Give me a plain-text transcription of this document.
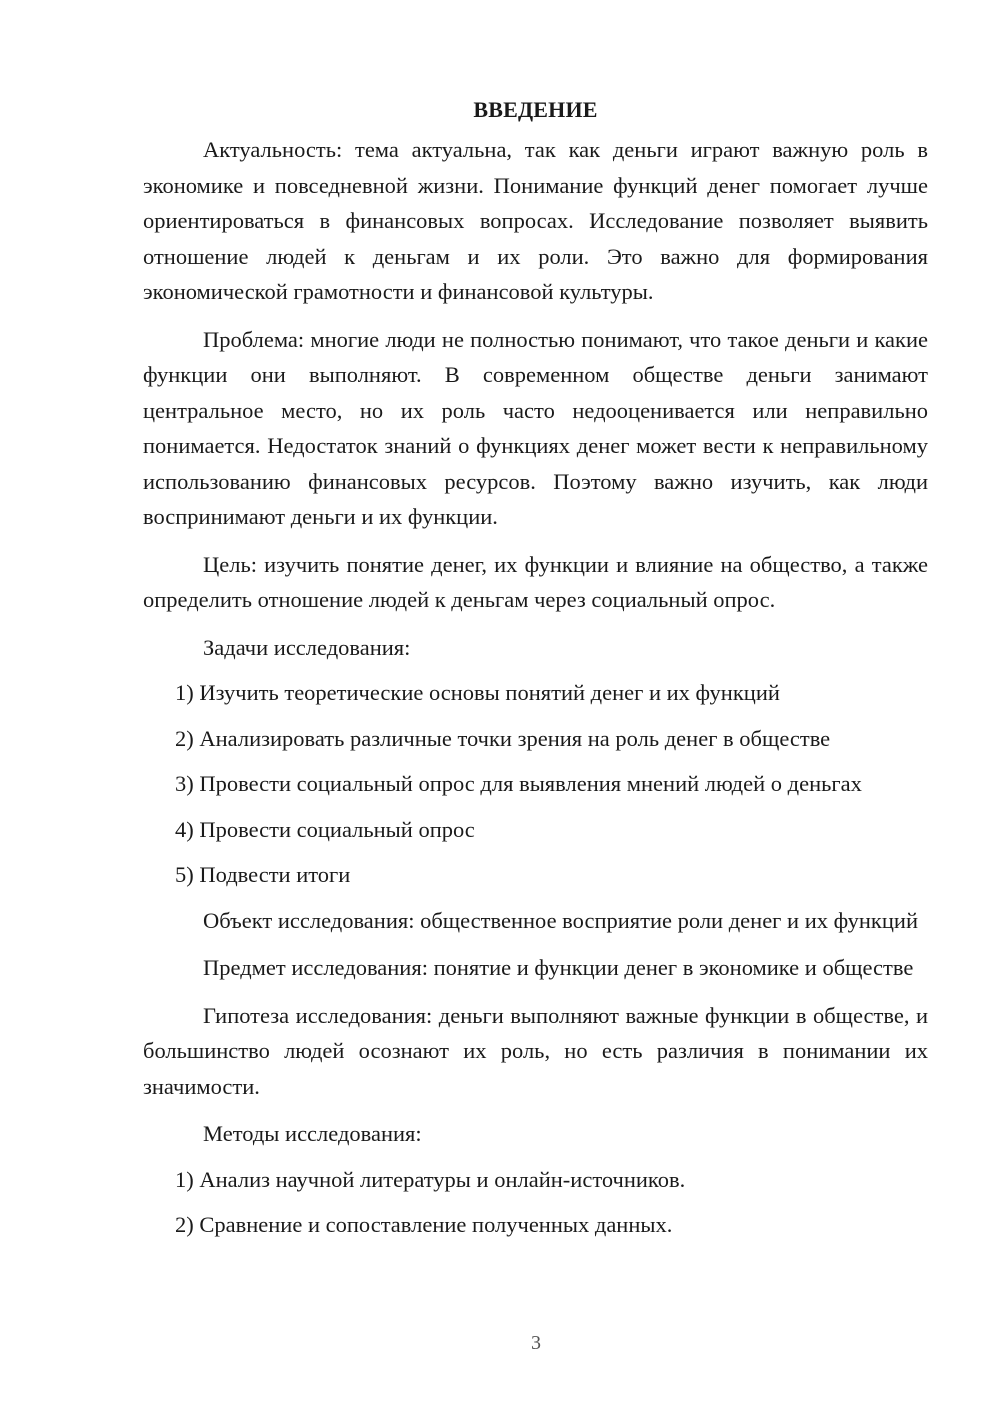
ВВЕДЕНИЕ

Актуальность: тема актуальна, так как деньги играют важную роль в экономике и повседневной жизни. Понимание функций денег помогает лучше ориентироваться в финансовых вопросах. Исследование позволяет выявить отношение людей к деньгам и их роли. Это важно для формирования экономической грамотности и финансовой культуры.

Проблема: многие люди не полностью понимают, что такое деньги и какие функции они выполняют. В современном обществе деньги занимают центральное место, но их роль часто недооценивается или неправильно понимается. Недостаток знаний о функциях денег может вести к неправильному использованию финансовых ресурсов. Поэтому важно изучить, как люди воспринимают деньги и их функции.

Цель: изучить понятие денег, их функции и влияние на общество, а также определить отношение людей к деньгам через социальный опрос.

Задачи исследования:
1) Изучить теоретические основы понятий денег и их функций
2) Анализировать различные точки зрения на роль денег в обществе
3) Провести социальный опрос для выявления мнений людей о деньгах
4) Провести социальный опрос
5) Подвести итоги

Объект исследования: общественное восприятие роли денег и их функций

Предмет исследования: понятие и функции денег в экономике и обществе

Гипотеза исследования: деньги выполняют важные функции в обществе, и большинство людей осознают их роль, но есть различия в понимании их значимости.

Методы исследования:
1) Анализ научной литературы и онлайн-источников.
2) Сравнение и сопоставление полученных данных.
3
